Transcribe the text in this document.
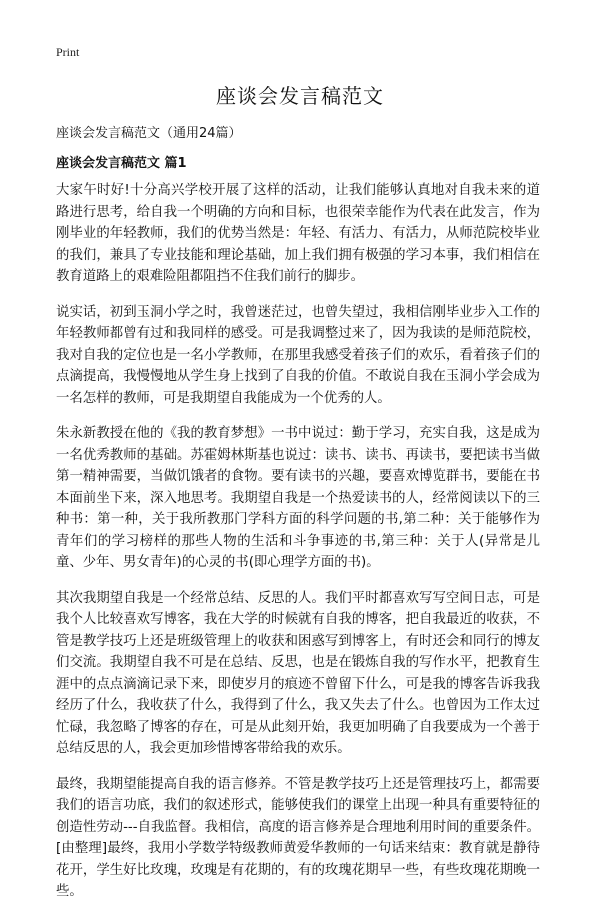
Print
座谈会发言稿范文

座谈会发言稿范文（通用24篇）

座谈会发言稿范文 篇1

大家午时好!十分高兴学校开展了这样的活动，让我们能够认真地对自我未来的道路进行思考，给自我一个明确的方向和目标，也很荣幸能作为代表在此发言，作为刚毕业的年轻教师，我们的优势当然是：年轻、有活力、有活力，从师范院校毕业的我们，兼具了专业技能和理论基础，加上我们拥有极强的学习本事，我们相信在教育道路上的艰难险阻都阻挡不住我们前行的脚步。

说实话，初到玉洞小学之时，我曾迷茫过，也曾失望过，我相信刚毕业步入工作的年轻教师都曾有过和我同样的感受。可是我调整过来了，因为我读的是师范院校，我对自我的定位也是一名小学教师，在那里我感受着孩子们的欢乐，看着孩子们的点滴提高，我慢慢地从学生身上找到了自我的价值。不敢说自我在玉洞小学会成为一名怎样的教师，可是我期望自我能成为一个优秀的人。

朱永新教授在他的《我的教育梦想》一书中说过：勤于学习，充实自我，这是成为一名优秀教师的基础。苏霍姆林斯基也说过：读书、读书、再读书，要把读书当做第一精神需要，当做饥饿者的食物。要有读书的兴趣，要喜欢博览群书，要能在书本面前坐下来，深入地思考。我期望自我是一个热爱读书的人，经常阅读以下的三种书：第一种，关于我所教那门学科方面的科学问题的书,第二种：关于能够作为青年们的学习榜样的那些人物的生活和斗争事迹的书,第三种：关于人(异常是儿童、少年、男女青年)的心灵的书(即心理学方面的书)。

其次我期望自我是一个经常总结、反思的人。我们平时都喜欢写写空间日志，可是我个人比较喜欢写博客，我在大学的时候就有自我的博客，把自我最近的收获，不管是教学技巧上还是班级管理上的收获和困惑写到博客上，有时还会和同行的博友们交流。我期望自我不可是在总结、反思，也是在锻炼自我的写作水平，把教育生涯中的点点滴滴记录下来，即使岁月的痕迹不曾留下什么，可是我的博客告诉我我经历了什么，我收获了什么，我得到了什么，我又失去了什么。也曾因为工作太过忙碌，我忽略了博客的存在，可是从此刻开始，我更加明确了自我要成为一个善于总结反思的人，我会更加珍惜博客带给我的欢乐。

最终，我期望能提高自我的语言修养。不管是教学技巧上还是管理技巧上，都需要我们的语言功底，我们的叙述形式，能够使我们的课堂上出现一种具有重要特征的创造性劳动---自我监督。我相信，高度的语言修养是合理地利用时间的重要条件。[由整理]最终，我用小学数学特级教师黄爱华教师的一句话来结束：教育就是静待花开，学生好比玫瑰，玫瑰是有花期的，有的玫瑰花期早一些，有些玫瑰花期晚一些。
